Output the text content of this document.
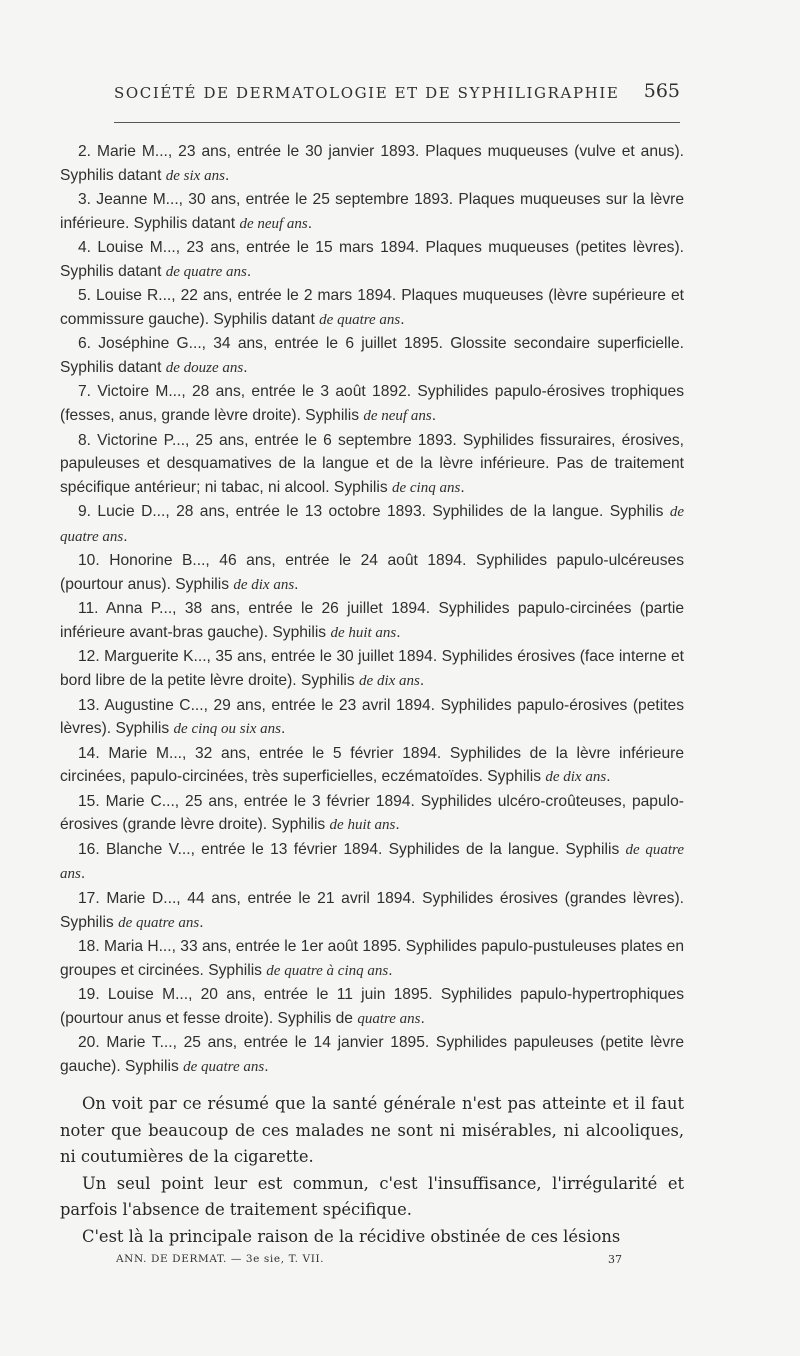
SOCIÉTÉ DE DERMATOLOGIE ET DE SYPHILIGRAPHIE 565

2. Marie M..., 23 ans, entrée le 30 janvier 1893. Plaques muqueuses (vulve et anus). Syphilis datant de six ans.

3. Jeanne M..., 30 ans, entrée le 25 septembre 1893. Plaques muqueuses sur la lèvre inférieure. Syphilis datant de neuf ans.

4. Louise M..., 23 ans, entrée le 15 mars 1894. Plaques muqueuses (petites lèvres). Syphilis datant de quatre ans.

5. Louise R..., 22 ans, entrée le 2 mars 1894. Plaques muqueuses (lèvre supérieure et commissure gauche). Syphilis datant de quatre ans.

6. Joséphine G..., 34 ans, entrée le 6 juillet 1895. Glossite secondaire superficielle. Syphilis datant de douze ans.

7. Victoire M..., 28 ans, entrée le 3 août 1892. Syphilides papulo-érosives trophiques (fesses, anus, grande lèvre droite). Syphilis de neuf ans.

8. Victorine P..., 25 ans, entrée le 6 septembre 1893. Syphilides fissuraires, érosives, papuleuses et desquamatives de la langue et de la lèvre inférieure. Pas de traitement spécifique antérieur; ni tabac, ni alcool. Syphilis de cinq ans.

9. Lucie D..., 28 ans, entrée le 13 octobre 1893. Syphilides de la langue. Syphilis de quatre ans.

10. Honorine B..., 46 ans, entrée le 24 août 1894. Syphilides papulo-ulcéreuses (pourtour anus). Syphilis de dix ans.

11. Anna P..., 38 ans, entrée le 26 juillet 1894. Syphilides papulo-circinées (partie inférieure avant-bras gauche). Syphilis de huit ans.

12. Marguerite K..., 35 ans, entrée le 30 juillet 1894. Syphilides érosives (face interne et bord libre de la petite lèvre droite). Syphilis de dix ans.

13. Augustine C..., 29 ans, entrée le 23 avril 1894. Syphilides papulo-érosives (petites lèvres). Syphilis de cinq ou six ans.

14. Marie M..., 32 ans, entrée le 5 février 1894. Syphilides de la lèvre inférieure circinées, papulo-circinées, très superficielles, eczématoïdes. Syphilis de dix ans.

15. Marie C..., 25 ans, entrée le 3 février 1894. Syphilides ulcéro-croûteuses, papulo-érosives (grande lèvre droite). Syphilis de huit ans.

16. Blanche V..., entrée le 13 février 1894. Syphilides de la langue. Syphilis de quatre ans.

17. Marie D..., 44 ans, entrée le 21 avril 1894. Syphilides érosives (grandes lèvres). Syphilis de quatre ans.

18. Maria H..., 33 ans, entrée le 1er août 1895. Syphilides papulo-pustuleuses plates en groupes et circinées. Syphilis de quatre à cinq ans.

19. Louise M..., 20 ans, entrée le 11 juin 1895. Syphilides papulo-hypertrophiques (pourtour anus et fesse droite). Syphilis de quatre ans.

20. Marie T..., 25 ans, entrée le 14 janvier 1895. Syphilides papuleuses (petite lèvre gauche). Syphilis de quatre ans.

On voit par ce résumé que la santé générale n'est pas atteinte et il faut noter que beaucoup de ces malades ne sont ni misérables, ni alcooliques, ni coutumières de la cigarette.

Un seul point leur est commun, c'est l'insuffisance, l'irrégularité et parfois l'absence de traitement spécifique.

C'est là la principale raison de la récidive obstinée de ces lésions

ANN. DE DERMAT. — 3e sie, T. VII.	37
